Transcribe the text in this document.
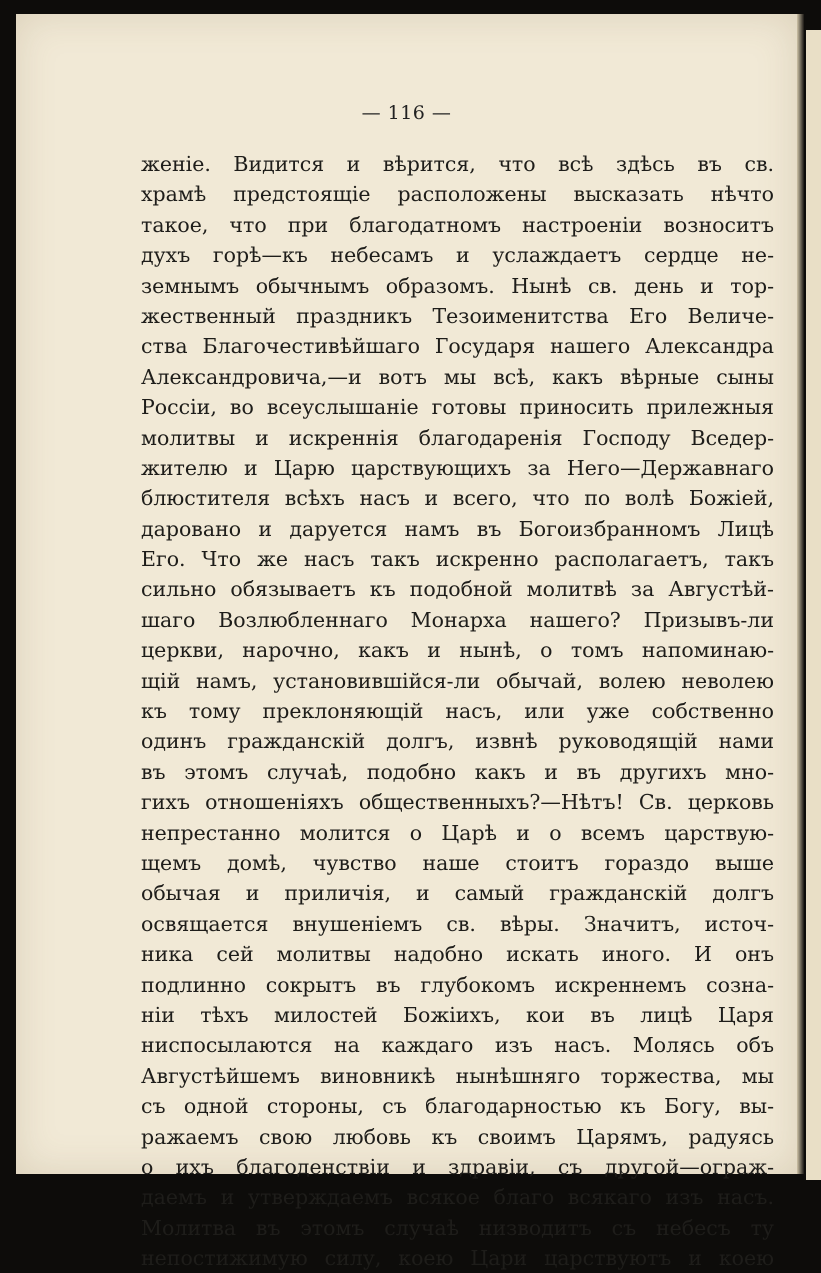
— 116 —
женіе. Видится и вѣрится, что всѣ здѣсь въ св.
храмѣ предстоящіе расположены высказать нѣчто
такое, что при благодатномъ настроеніи возноситъ
духъ горѣ—къ небесамъ и услаждаетъ сердце не-
земнымъ обычнымъ образомъ. Нынѣ св. день и тор-
жественный праздникъ Тезоименитства Его Величе-
ства Благочестивѣйшаго Государя нашего Александра
Александровича,—и вотъ мы всѣ, какъ вѣрные сыны
Россіи, во всеуслышаніе готовы приносить прилежныя
молитвы и искреннія благодаренія Господу Вседер-
жителю и Царю царствующихъ за Него—Державнаго
блюстителя всѣхъ насъ и всего, что по волѣ Божіей,
даровано и даруется намъ въ Богоизбранномъ Лицѣ
Его. Что же насъ такъ искренно располагаетъ, такъ
сильно обязываетъ къ подобной молитвѣ за Августѣй-
шаго Возлюбленнаго Монарха нашего? Призывъ-ли
церкви, нарочно, какъ и нынѣ, о томъ напоминаю-
щій намъ, установившійся-ли обычай, волею неволею
къ тому преклоняющій насъ, или уже собственно
одинъ гражданскій долгъ, извнѣ руководящій нами
въ этомъ случаѣ, подобно какъ и въ другихъ мно-
гихъ отношеніяхъ общественныхъ?—Нѣтъ! Св. церковь
непрестанно молится о Царѣ и о всемъ царствую-
щемъ домѣ, чувство наше стоитъ гораздо выше
обычая и приличія, и самый гражданскій долгъ
освящается внушеніемъ св. вѣры. Значитъ, источ-
ника сей молитвы надобно искать иного. И онъ
подлинно сокрытъ въ глубокомъ искреннемъ созна-
ніи тѣхъ милостей Божіихъ, кои въ лицѣ Царя
ниспосылаются на каждаго изъ насъ. Молясь объ
Августѣйшемъ виновникѣ нынѣшняго торжества, мы
съ одной стороны, съ благодарностью къ Богу, вы-
ражаемъ свою любовь къ своимъ Царямъ, радуясь
о ихъ благоденствіи и здравіи, съ другой—ограж-
даемъ и утверждаемъ всякое благо всякаго изъ насъ.
Молитва въ этомъ случаѣ низводитъ съ небесъ ту
непостижимую силу, коею Цари царствуютъ и коею
